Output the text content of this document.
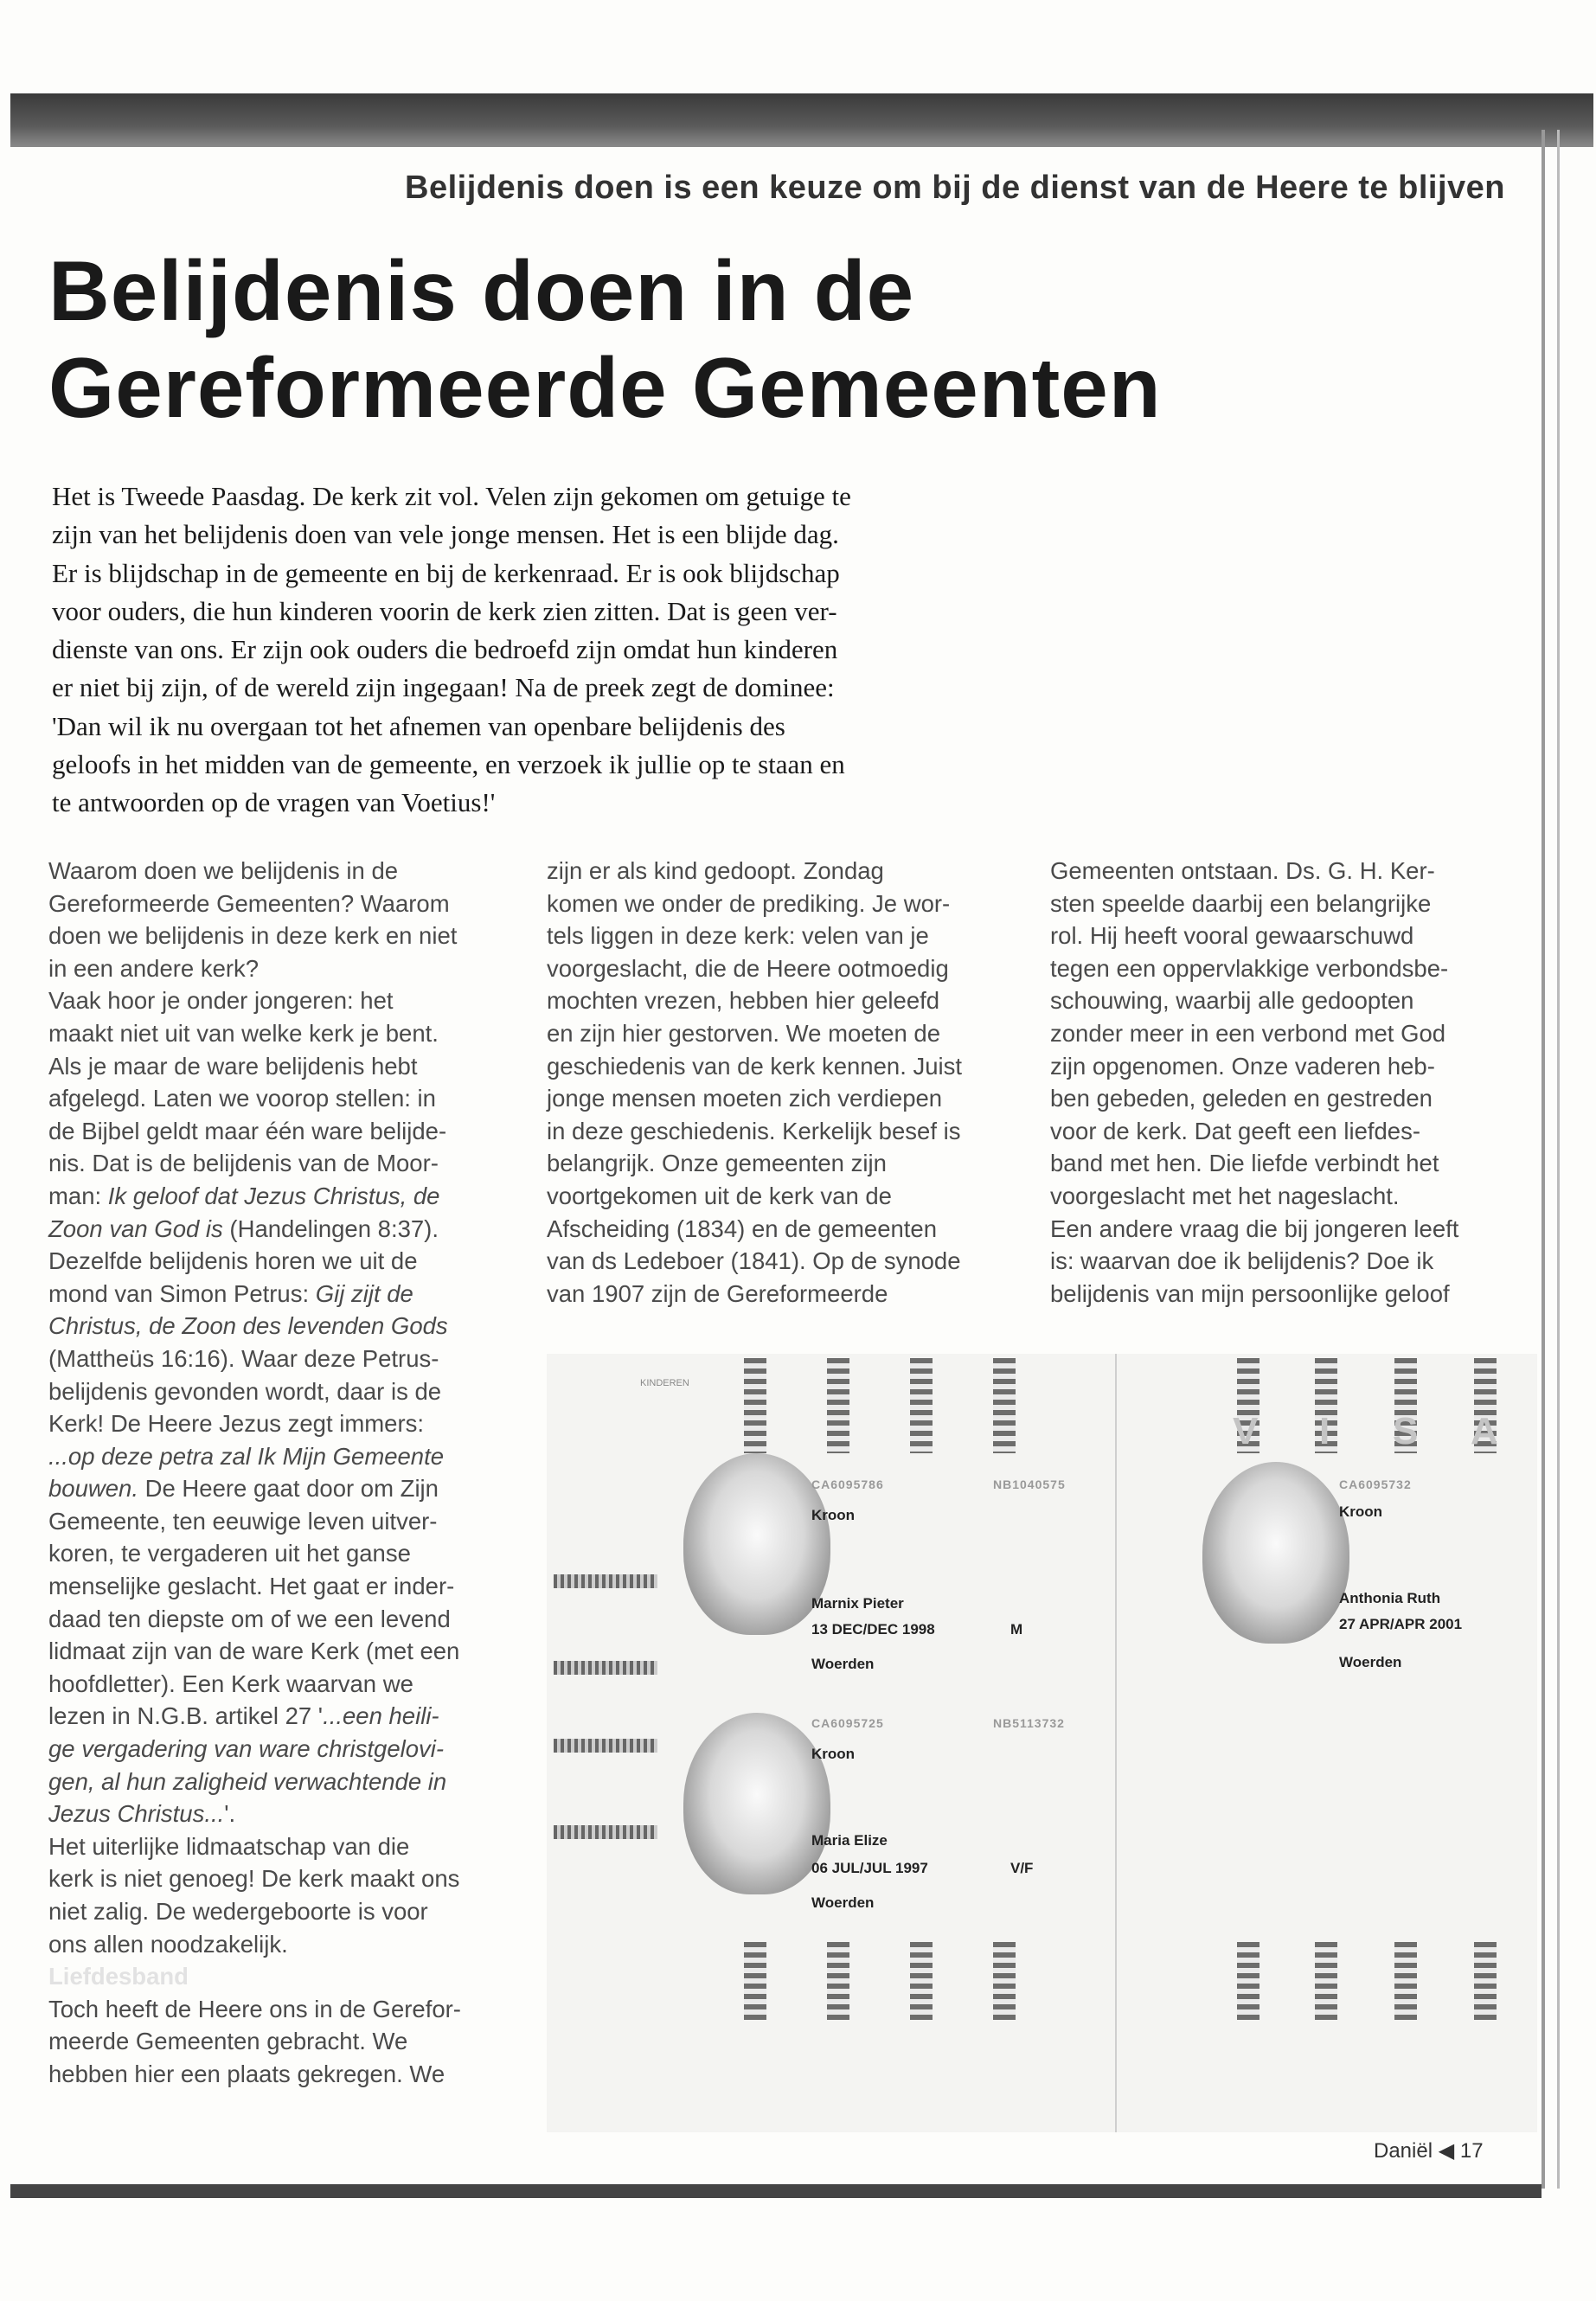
Belijdenis doen is een keuze om bij de dienst van de Heere te blijven
Belijdenis doen in de
Gereformeerde Gemeenten

Het is Tweede Paasdag. De kerk zit vol. Velen zijn gekomen om getuige te

zijn van het belijdenis doen van vele jonge mensen. Het is een blijde dag.

Er is blijdschap in de gemeente en bij de kerkenraad. Er is ook blijdschap

voor ouders, die hun kinderen voorin de kerk zien zitten. Dat is geen ver-

dienste van ons. Er zijn ook ouders die bedroefd zijn omdat hun kinderen

er niet bij zijn, of de wereld zijn ingegaan! Na de preek zegt de dominee:

'Dan wil ik nu overgaan tot het afnemen van openbare belijdenis des

geloofs in het midden van de gemeente, en verzoek ik jullie op te staan en

te antwoorden op de vragen van Voetius!'

Waarom doen we belijdenis in de

Gereformeerde Gemeenten? Waarom

doen we belijdenis in deze kerk en niet

in een andere kerk?

Vaak hoor je onder jongeren: het

maakt niet uit van welke kerk je bent.

Als je maar de ware belijdenis hebt

afgelegd. Laten we voorop stellen: in

de Bijbel geldt maar één ware belijde-

nis. Dat is de belijdenis van de Moor-

man: Ik geloof dat Jezus Christus, de

Zoon van God is (Handelingen 8:37).

Dezelfde belijdenis horen we uit de

mond van Simon Petrus: Gij zijt de

Christus, de Zoon des levenden Gods

(Mattheüs 16:16). Waar deze Petrus-

belijdenis gevonden wordt, daar is de

Kerk! De Heere Jezus zegt immers:

...op deze petra zal Ik Mijn Gemeente

bouwen. De Heere gaat door om Zijn

Gemeente, ten eeuwige leven uitver-

koren, te vergaderen uit het ganse

menselijke geslacht. Het gaat er inder-

daad ten diepste om of we een levend

lidmaat zijn van de ware Kerk (met een

hoofdletter). Een Kerk waarvan we

lezen in N.G.B. artikel 27 '...een heili-

ge vergadering van ware christgelovi-

gen, al hun zaligheid verwachtende in

Jezus Christus...'.

Het uiterlijke lidmaatschap van die

kerk is niet genoeg! De kerk maakt ons

niet zalig. De wedergeboorte is voor

ons allen noodzakelijk.

Liefdesband

Toch heeft de Heere ons in de Gerefor-

meerde Gemeenten gebracht. We

hebben hier een plaats gekregen. We

zijn er als kind gedoopt. Zondag

komen we onder de prediking. Je wor-

tels liggen in deze kerk: velen van je

voorgeslacht, die de Heere ootmoedig

mochten vrezen, hebben hier geleefd

en zijn hier gestorven. We moeten de

geschiedenis van de kerk kennen. Juist

jonge mensen moeten zich verdiepen

in deze geschiedenis. Kerkelijk besef is

belangrijk. Onze gemeenten zijn

voortgekomen uit de kerk van de

Afscheiding (1834) en de gemeenten

van ds Ledeboer (1841). Op de synode

van 1907 zijn de Gereformeerde

Gemeenten ontstaan. Ds. G. H. Ker-

sten speelde daarbij een belangrijke

rol. Hij heeft vooral gewaarschuwd

tegen een oppervlakkige verbondsbe-

schouwing, waarbij alle gedoopten

zonder meer in een verbond met God

zijn opgenomen. Onze vaderen heb-

ben gebeden, geleden en gestreden

voor de kerk. Dat geeft een liefdes-

band met hen. Die liefde verbindt het

voorgeslacht met het nageslacht.

Een andere vraag die bij jongeren leeft

is: waarvan doe ik belijdenis? Doe ik

belijdenis van mijn persoonlijke geloof

KINDEREN
V I S A
CA6095786	NB1040575
Kroon
Marnix Pieter
13 DEC/DEC 1998	M
Woerden
CA6095725	NB5113732
Kroon
Maria Elize
06 JUL/JUL 1997	V/F
Woerden
CA6095732
Kroon
Anthonia Ruth
27 APR/APR 2001
Woerden
Daniël ◀ 17
